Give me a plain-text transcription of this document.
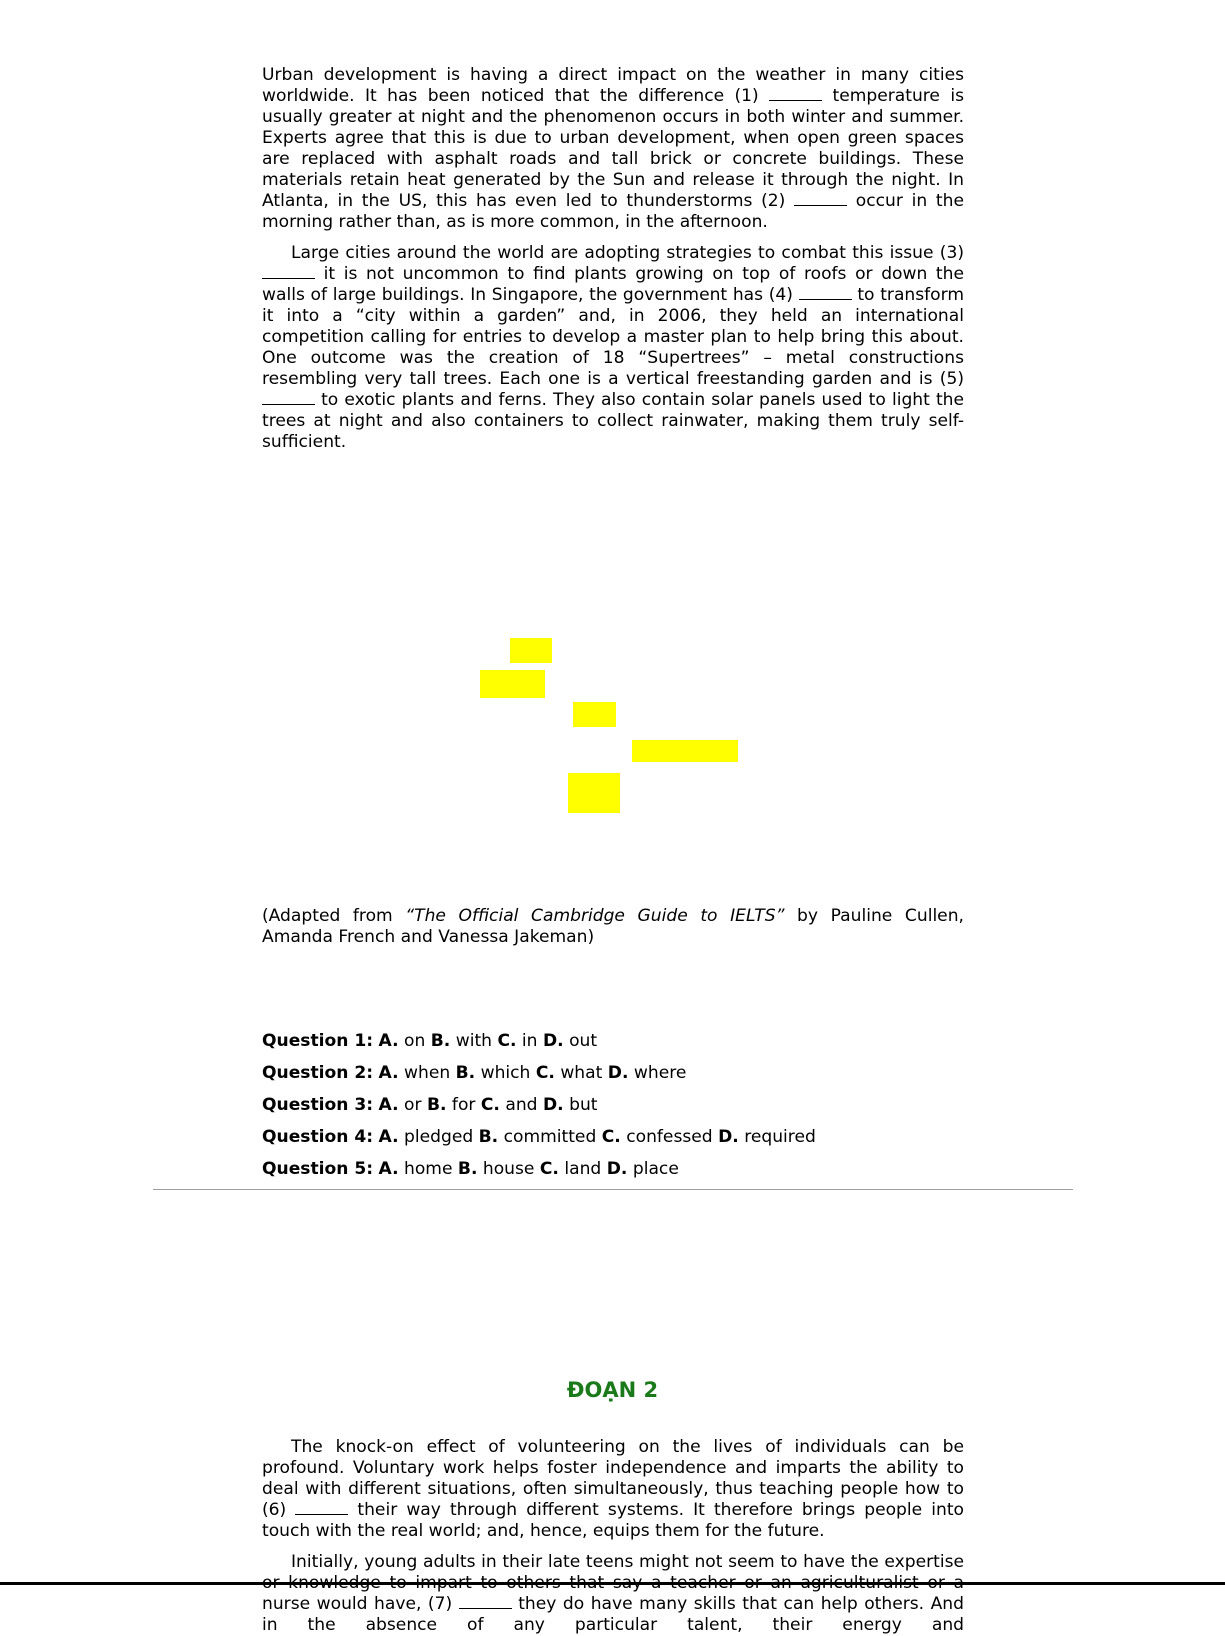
Urban development is having a direct impact on the weather in many cities worldwide. It has been noticed that the difference (1)	temperature is usually greater at night and the phenomenon occurs in both winter and summer. Experts agree that this is due to urban development, when open green spaces are replaced with asphalt roads and tall brick or concrete buildings. These materials retain heat generated by the Sun and release it through the night. In Atlanta, in the US, this has even led to thunderstorms (2)	occur in the morning rather than, as is more common, in the afternoon.

Large cities around the world are adopting strategies to combat this issue (3)  it is not uncommon to find plants growing on top of roofs or down the walls of large buildings. In Singapore, the government has (4)	to transform it into a “city within a garden” and, in 2006, they held an international competition calling for entries to develop a master plan to help bring this about. One outcome was the creation of 18 “Supertrees” – metal constructions resembling very tall trees. Each one is a vertical freestanding garden and is (5)  to exotic plants and ferns. They also contain solar panels used to light the trees at night and also containers to collect rainwater, making them truly self-sufﬁcient.

(Adapted from “The Ofﬁcial Cambridge Guide to IELTS” by Pauline Cullen, Amanda French and Vanessa Jakeman)

Question 1: A. on B. with C. in D. out

Question 2: A. when B. which C. what D. where

Question 3: A. or B. for C. and D. but

Question 4: A. pledged B. committed C. confessed D. required

Question 5: A. home B. house C. land D. place

ĐOẠN 2

The knock-on effect of volunteering on the lives of individuals can be profound. Voluntary work helps foster independence and imparts the ability to deal with different situations, often simultaneously, thus teaching people how to (6)	their way through different systems. It therefore brings people into touch with the real world; and, hence, equips them for the future.

Initially, young adults in their late teens might not seem to have the expertise or knowledge to impart to others that say a teacher or an agriculturalist or a nurse would have, (7)	they do have many skills that can help others. And in the absence of any particular talent, their energy and
